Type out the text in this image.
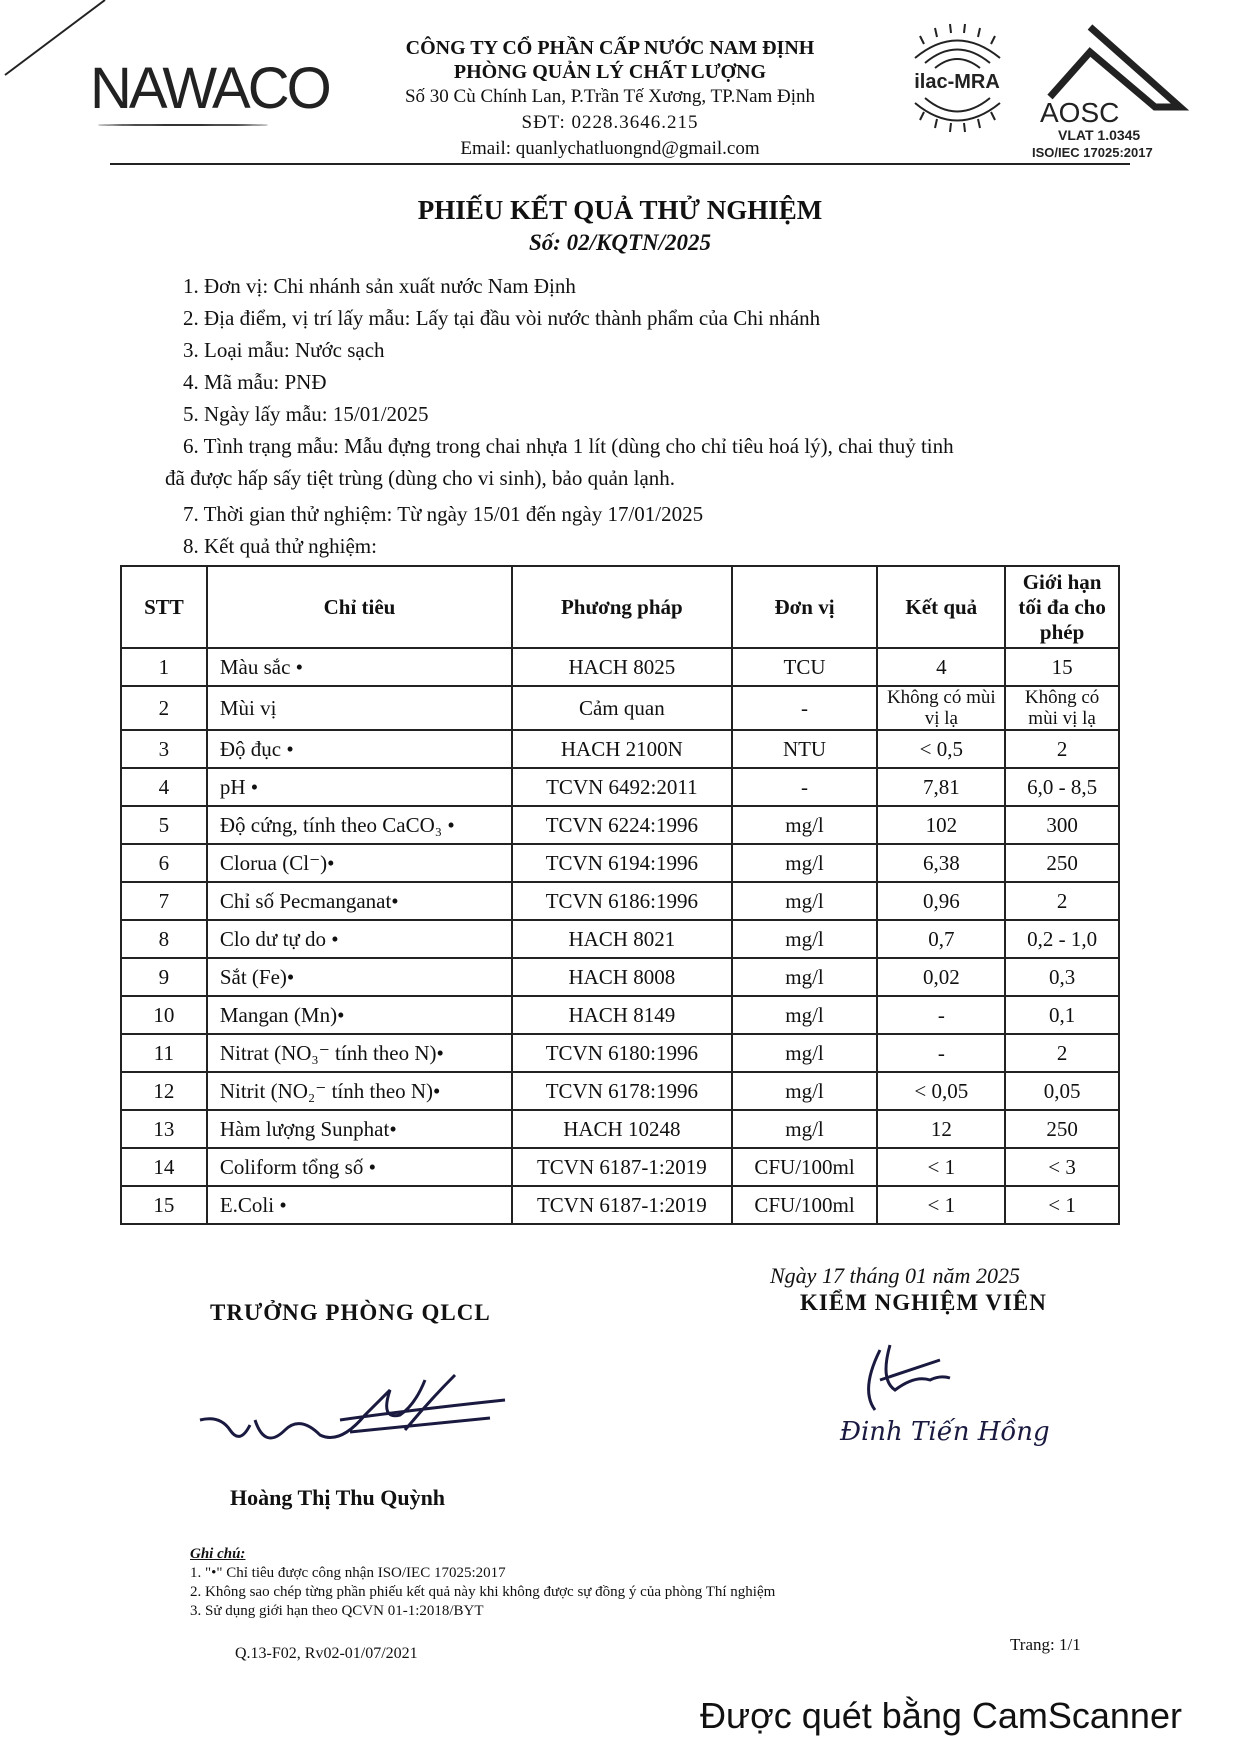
NAWACO
CÔNG TY CỔ PHẦN CẤP NƯỚC NAM ĐỊNH
PHÒNG QUẢN LÝ CHẤT LƯỢNG
Số 30 Cù Chính Lan, P.Trần Tế Xương, TP.Nam Định
SĐT: 0228.3646.215
Email: quanlychatluongnd@gmail.com
ilac-MRA
AOSC
VLAT 1.0345
ISO/IEC 17025:2017
PHIẾU KẾT QUẢ THỬ NGHIỆM
Số: 02/KQTN/2025
1. Đơn vị: Chi nhánh sản xuất nước Nam Định
2. Địa điểm, vị trí lấy mẫu: Lấy tại đầu vòi nước thành phẩm của Chi nhánh
3. Loại mẫu: Nước sạch
4. Mã mẫu: PNĐ
5. Ngày lấy mẫu: 15/01/2025
6. Tình trạng mẫu: Mẫu đựng trong chai nhựa 1 lít (dùng cho chỉ tiêu hoá lý), chai thuỷ tinh
đã được hấp sấy tiệt trùng (dùng cho vi sinh), bảo quản lạnh.
7. Thời gian thử nghiệm: Từ ngày 15/01 đến ngày 17/01/2025
8. Kết quả thử nghiệm:
STT	Chỉ tiêu	Phương pháp	Đơn vị	Kết quả	Giới hạn tối đa cho phép
1	Màu sắc •	HACH 8025	TCU	4	15
2	Mùi vị	Cảm quan	-	Không có mùi vị lạ	Không có mùi vị lạ
3	Độ đục •	HACH 2100N	NTU	< 0,5	2
4	pH •	TCVN 6492:2011	-	7,81	6,0 - 8,5
5	Độ cứng, tính theo CaCO₃ •	TCVN 6224:1996	mg/l	102	300
6	Clorua (Cl⁻)•	TCVN 6194:1996	mg/l	6,38	250
7	Chỉ số Pecmanganat•	TCVN 6186:1996	mg/l	0,96	2
8	Clo dư tự do •	HACH 8021	mg/l	0,7	0,2 - 1,0
9	Sắt (Fe)•	HACH 8008	mg/l	0,02	0,3
10	Mangan (Mn)•	HACH 8149	mg/l	-	0,1
11	Nitrat (NO₃⁻ tính theo N)•	TCVN 6180:1996	mg/l	-	2
12	Nitrit (NO₂⁻ tính theo N)•	TCVN 6178:1996	mg/l	< 0,05	0,05
13	Hàm lượng Sunphat•	HACH 10248	mg/l	12	250
14	Coliform tổng số •	TCVN 6187-1:2019	CFU/100ml	< 1	< 3
15	E.Coli •	TCVN 6187-1:2019	CFU/100ml	< 1	< 1
Ngày 17 tháng 01 năm 2025
TRƯỞNG PHÒNG QLCL	KIỂM NGHIỆM VIÊN
Đinh Tiến Hồng
Hoàng Thị Thu Quỳnh
Ghi chú:
1. "•" Chỉ tiêu được công nhận ISO/IEC 17025:2017
2. Không sao chép từng phần phiếu kết quả này khi không được sự đồng ý của phòng Thí nghiệm
3. Sử dụng giới hạn theo QCVN 01-1:2018/BYT
Q.13-F02, Rv02-01/07/2021	Trang: 1/1
Được quét bằng CamScanner
